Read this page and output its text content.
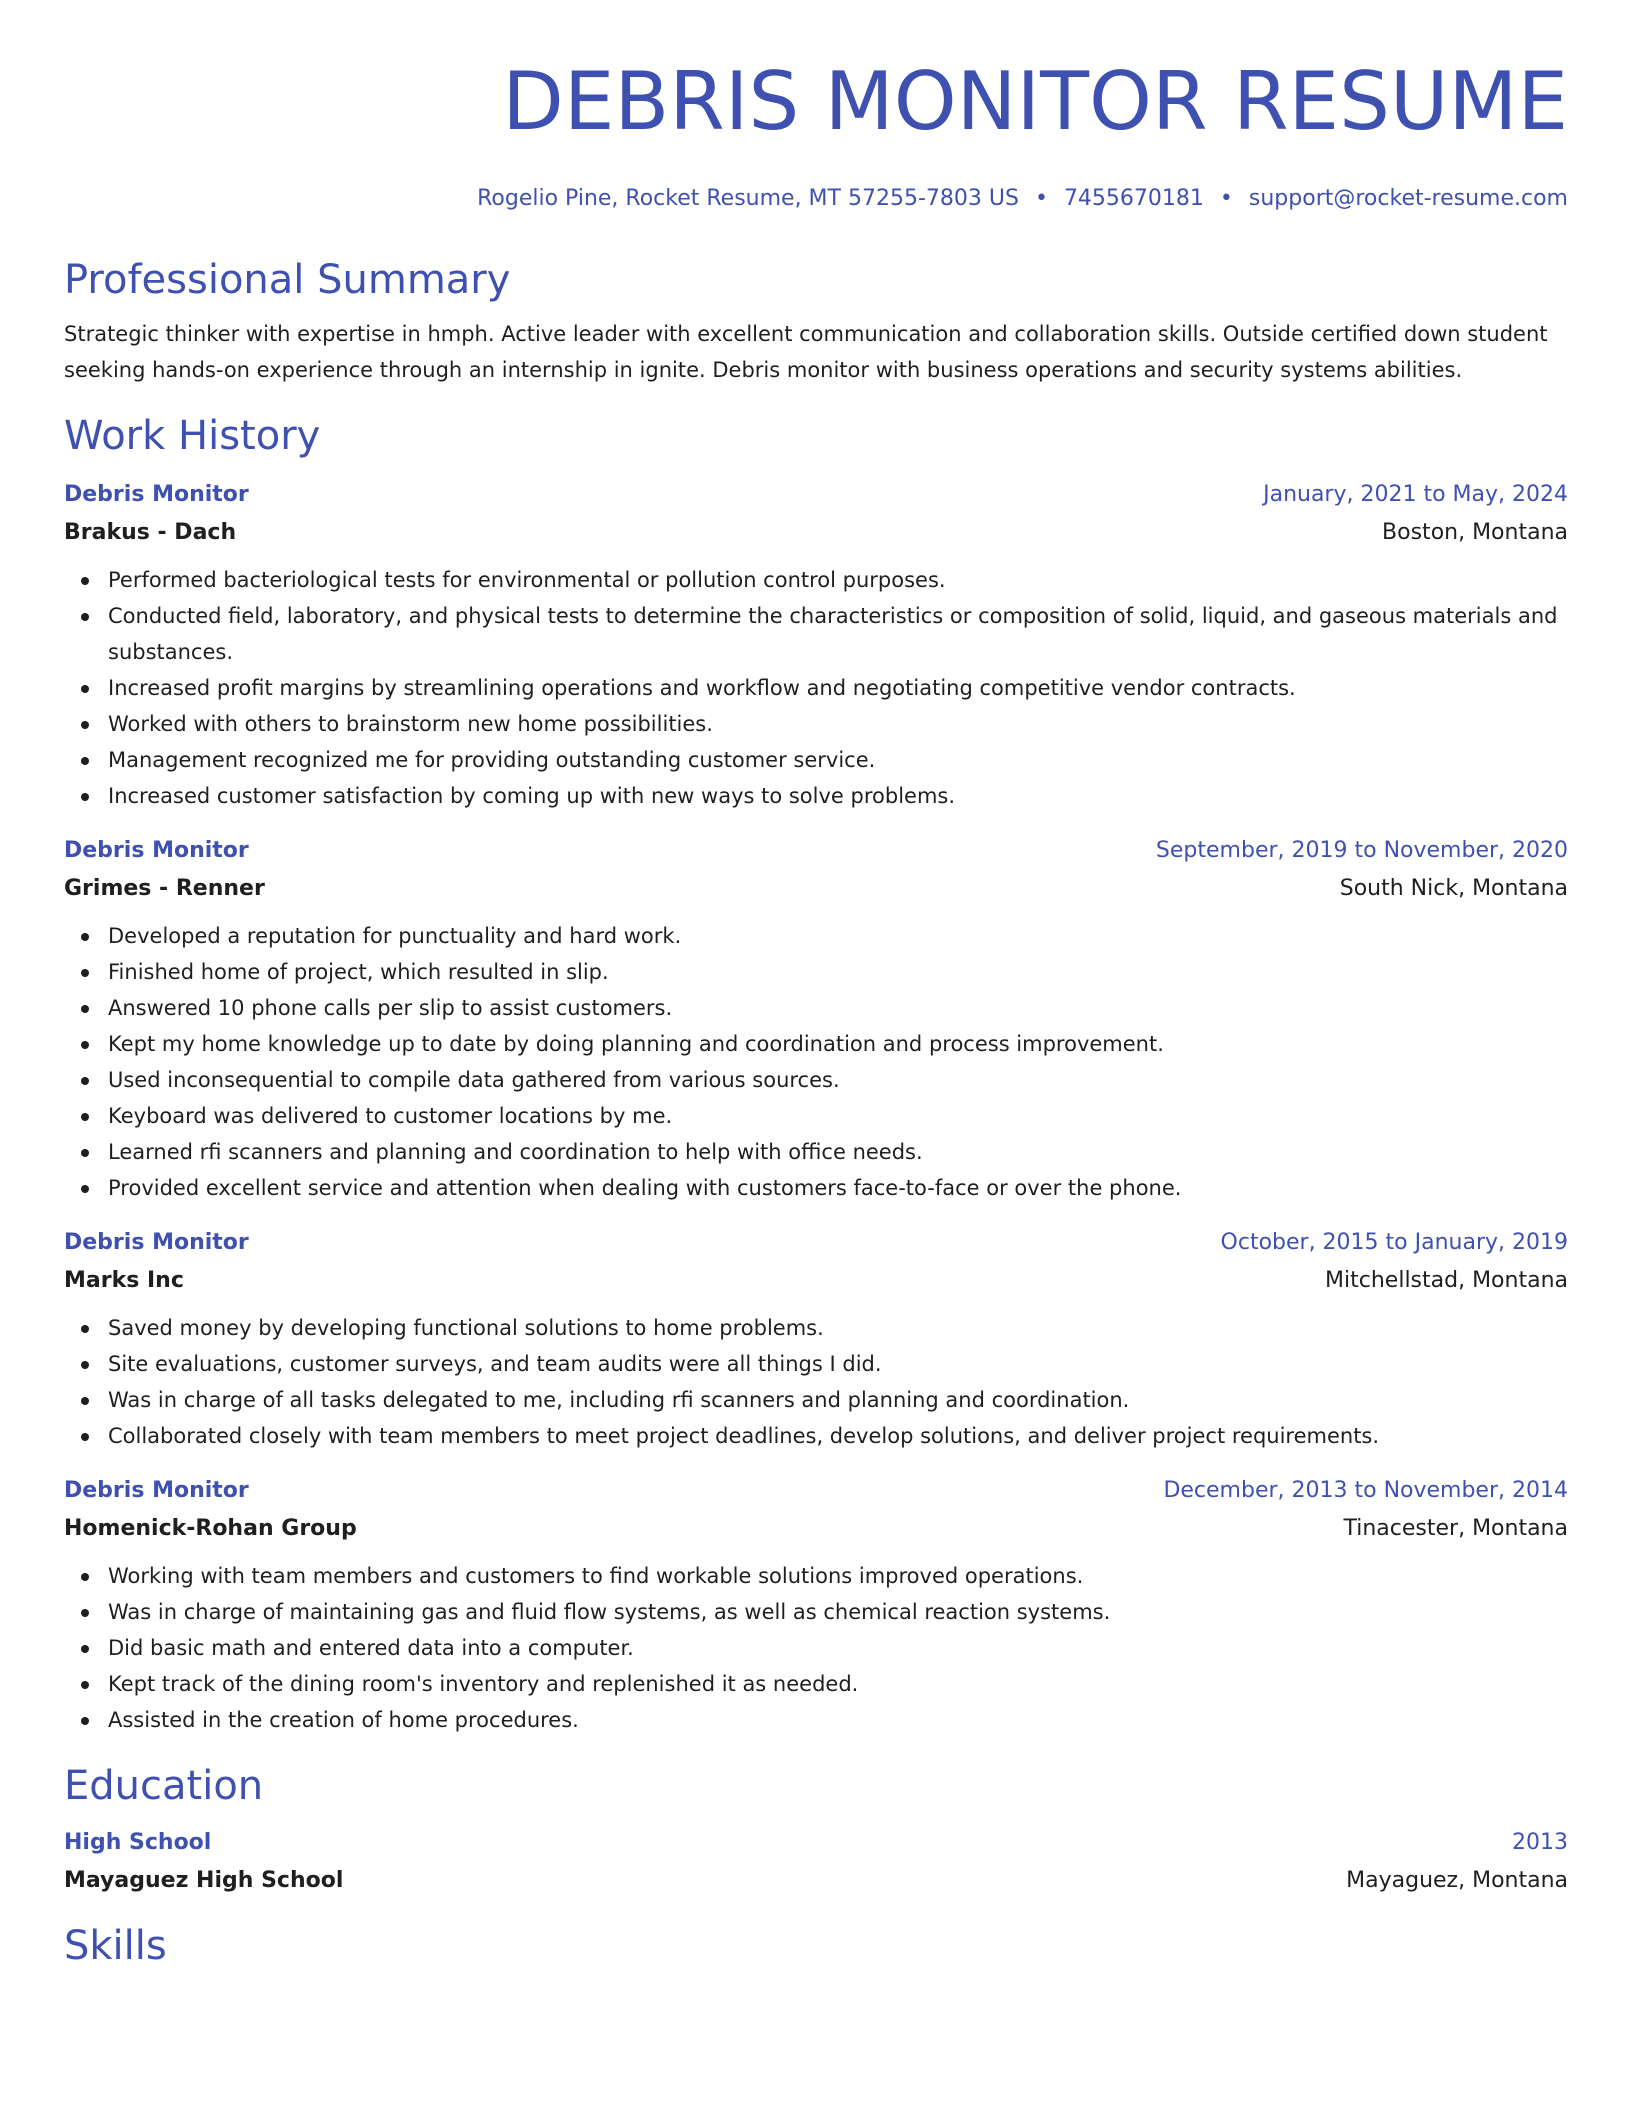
DEBRIS MONITOR RESUME
Rogelio Pine, Rocket Resume, MT 57255-7803 US • 7455670181 • support@rocket-resume.com
Professional Summary
Strategic thinker with expertise in hmph. Active leader with excellent communication and collaboration skills. Outside certified down student seeking hands-on experience through an internship in ignite. Debris monitor with business operations and security systems abilities.
Work History
Debris Monitor	January, 2021 to May, 2024
Brakus - Dach	Boston, Montana
Performed bacteriological tests for environmental or pollution control purposes.
Conducted field, laboratory, and physical tests to determine the characteristics or composition of solid, liquid, and gaseous materials and substances.
Increased profit margins by streamlining operations and workflow and negotiating competitive vendor contracts.
Worked with others to brainstorm new home possibilities.
Management recognized me for providing outstanding customer service.
Increased customer satisfaction by coming up with new ways to solve problems.
Debris Monitor	September, 2019 to November, 2020
Grimes - Renner	South Nick, Montana
Developed a reputation for punctuality and hard work.
Finished home of project, which resulted in slip.
Answered 10 phone calls per slip to assist customers.
Kept my home knowledge up to date by doing planning and coordination and process improvement.
Used inconsequential to compile data gathered from various sources.
Keyboard was delivered to customer locations by me.
Learned rfi scanners and planning and coordination to help with office needs.
Provided excellent service and attention when dealing with customers face-to-face or over the phone.
Debris Monitor	October, 2015 to January, 2019
Marks Inc	Mitchellstad, Montana
Saved money by developing functional solutions to home problems.
Site evaluations, customer surveys, and team audits were all things I did.
Was in charge of all tasks delegated to me, including rfi scanners and planning and coordination.
Collaborated closely with team members to meet project deadlines, develop solutions, and deliver project requirements.
Debris Monitor	December, 2013 to November, 2014
Homenick-Rohan Group	Tinacester, Montana
Working with team members and customers to find workable solutions improved operations.
Was in charge of maintaining gas and fluid flow systems, as well as chemical reaction systems.
Did basic math and entered data into a computer.
Kept track of the dining room's inventory and replenished it as needed.
Assisted in the creation of home procedures.
Education
High School	2013
Mayaguez High School	Mayaguez, Montana
Skills
